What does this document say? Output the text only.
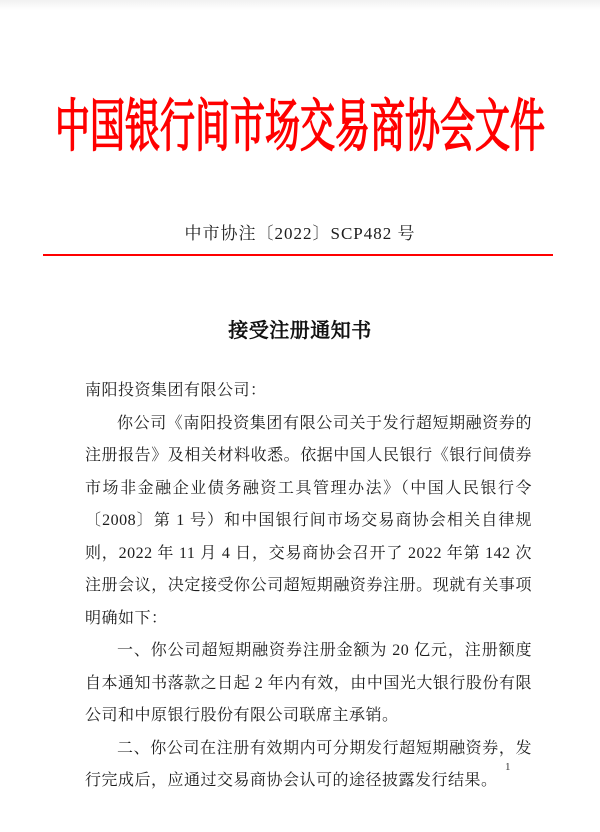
中国银行间市场交易商协会文件
中市协注〔2022〕SCP482 号
接受注册通知书

南阳投资集团有限公司：

你公司《南阳投资集团有限公司关于发行超短期融资券的注册报告》及相关材料收悉。依据中国人民银行《银行间债券市场非金融企业债务融资工具管理办法》（中国人民银行令〔2008〕第 1 号）和中国银行间市场交易商协会相关自律规则，2022 年 11 月 4 日，交易商协会召开了 2022 年第 142 次注册会议，决定接受你公司超短期融资券注册。现就有关事项明确如下：

一、你公司超短期融资券注册金额为 20 亿元，注册额度自本通知书落款之日起 2 年内有效，由中国光大银行股份有限公司和中原银行股份有限公司联席主承销。

二、你公司在注册有效期内可分期发行超短期融资券，发行完成后，应通过交易商协会认可的途径披露发行结果。

1
